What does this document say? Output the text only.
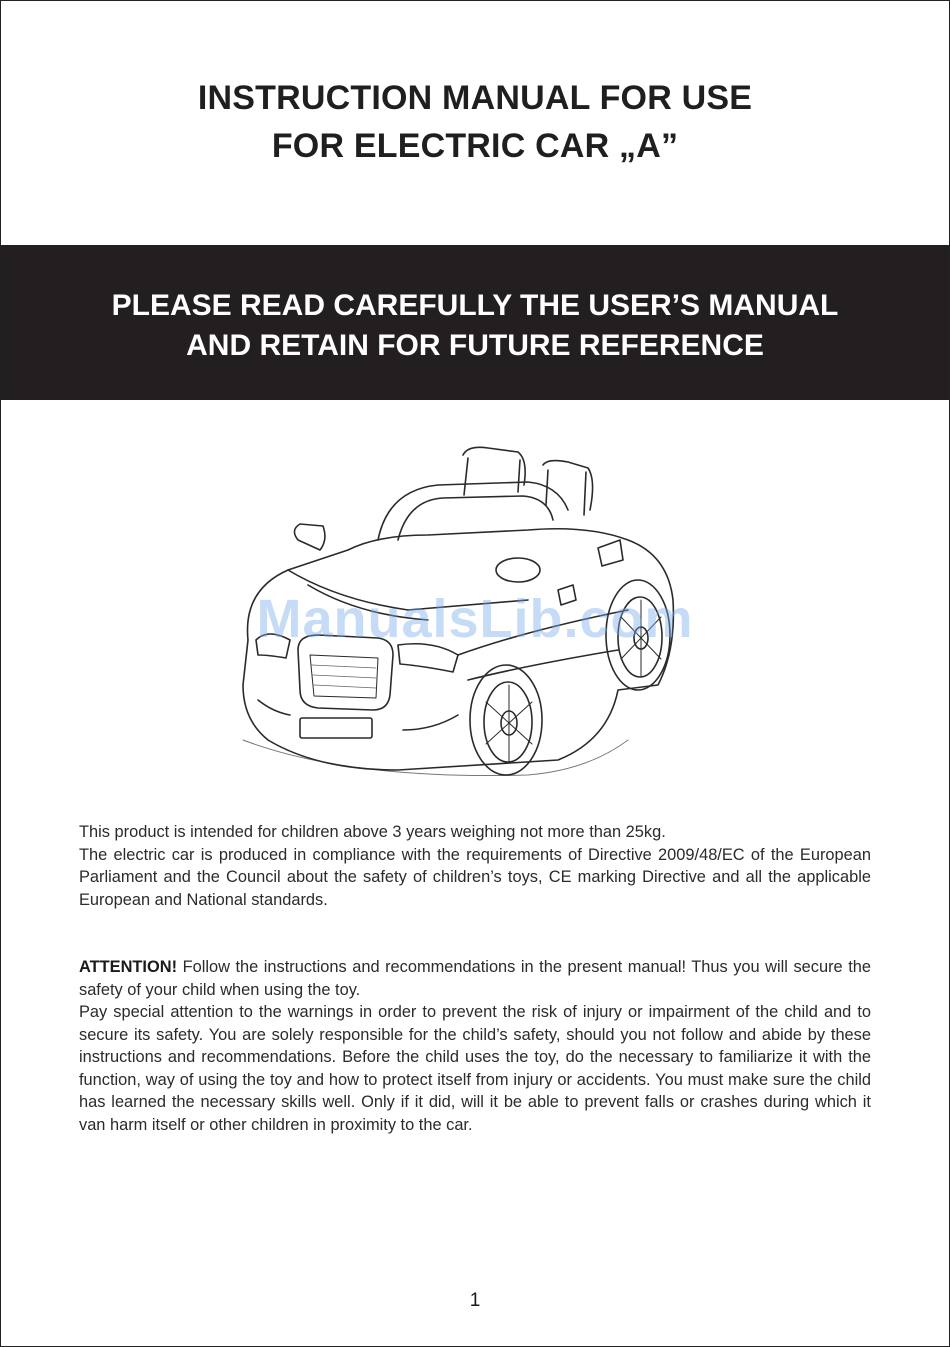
INSTRUCTION MANUAL FOR USE
FOR ELECTRIC CAR „A”
PLEASE READ CAREFULLY THE USER’S MANUAL
AND RETAIN FOR FUTURE REFERENCE
ManualsLib.com

This product is intended for children above 3 years weighing not more than 25kg.

The electric car is produced in compliance with the requirements of Directive 2009/48/EC of the European Parliament and the Council about the safety of children’s toys, CE marking Directive and all the applicable European and National standards.

ATTENTION! Follow the instructions and recommendations in the present manual! Thus you will secure the safety of your child when using the toy.

Pay special attention to the warnings in order to prevent the risk of injury or impairment of the child and to secure its safety. You are solely responsible for the child’s safety, should you not follow and abide by these instructions and recommendations. Before the child uses the toy, do the necessary to familiarize it with the function, way of using the toy and how to protect itself from injury or accidents. You must make sure the child has learned the necessary skills well. Only if it did, will it be able to prevent falls or crashes during which it van harm itself or other children in proximity to the car.

1
